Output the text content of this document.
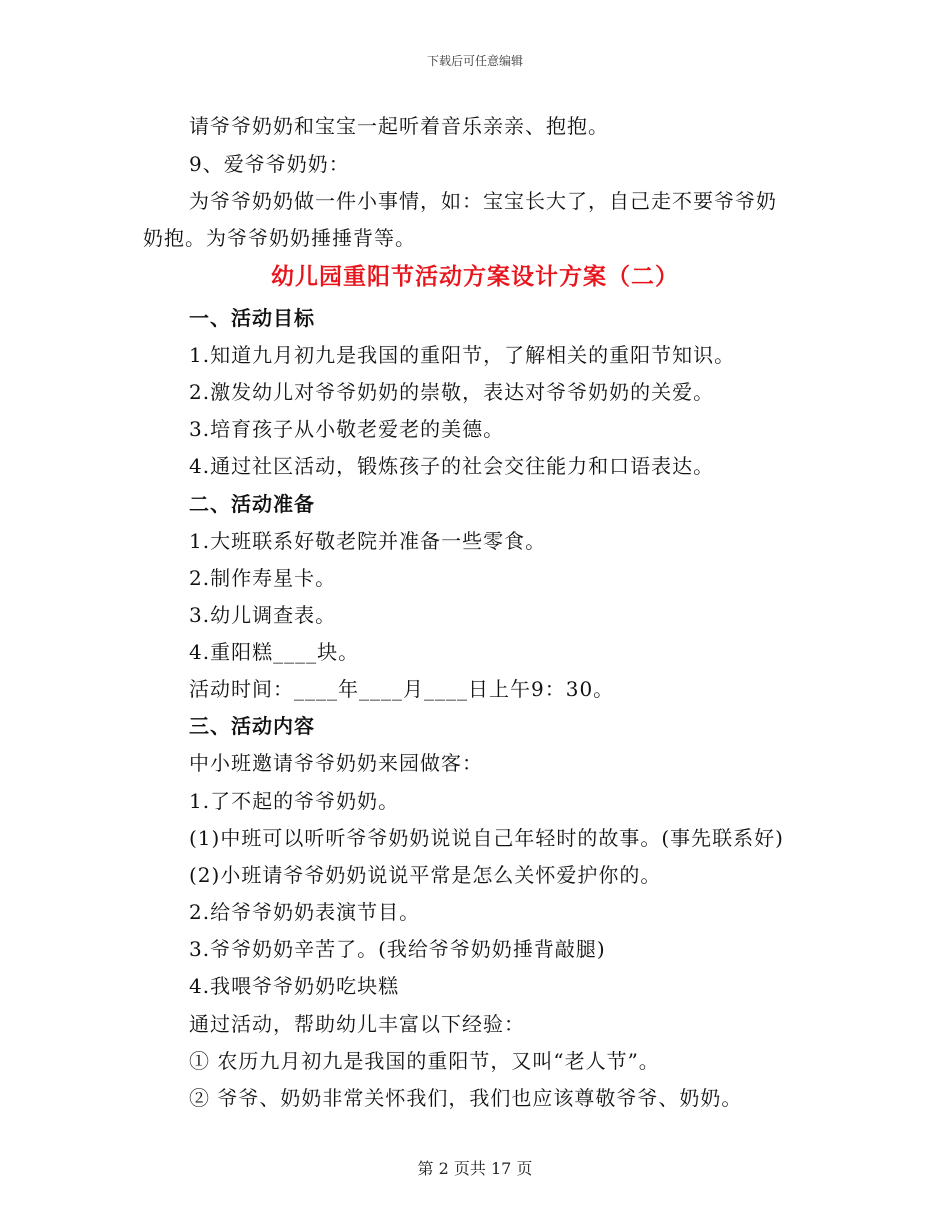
下载后可任意编辑
请爷爷奶奶和宝宝一起听着音乐亲亲、抱抱。
9、爱爷爷奶奶：
为爷爷奶奶做一件小事情，如：宝宝长大了，自己走不要爷爷奶
奶抱。为爷爷奶奶捶捶背等。
幼儿园重阳节活动方案设计方案（二）
一、活动目标
1.知道九月初九是我国的重阳节，了解相关的重阳节知识。
2.激发幼儿对爷爷奶奶的崇敬，表达对爷爷奶奶的关爱。
3.培育孩子从小敬老爱老的美德。
4.通过社区活动，锻炼孩子的社会交往能力和口语表达。
二、活动准备
1.大班联系好敬老院并准备一些零食。
2.制作寿星卡。
3.幼儿调查表。
4.重阳糕____块。
活动时间：____年____月____日上午9：30。
三、活动内容
中小班邀请爷爷奶奶来园做客：
1.了不起的爷爷奶奶。
(1)中班可以听听爷爷奶奶说说自己年轻时的故事。(事先联系好)
(2)小班请爷爷奶奶说说平常是怎么关怀爱护你的。
2.给爷爷奶奶表演节目。
3.爷爷奶奶辛苦了。(我给爷爷奶奶捶背敲腿)
4.我喂爷爷奶奶吃块糕
通过活动，帮助幼儿丰富以下经验：
① 农历九月初九是我国的重阳节，又叫“老人节”。
② 爷爷、奶奶非常关怀我们，我们也应该尊敬爷爷、奶奶。
第 2 页共 17 页
